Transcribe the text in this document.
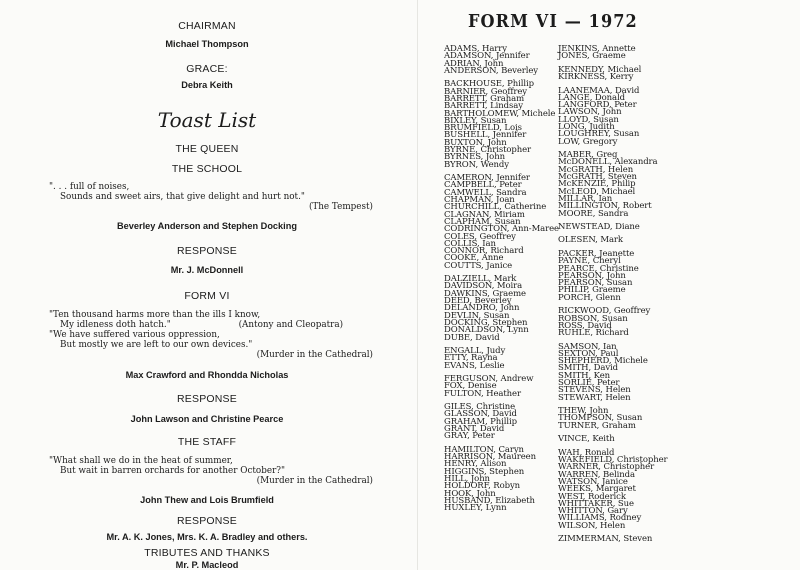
CHAIRMAN
Michael Thompson
GRACE:
Debra Keith
Toast List
THE QUEEN
THE SCHOOL
". . . full of noises,
Sounds and sweet airs, that give delight and hurt not."
(The Tempest)
Beverley Anderson and Stephen Docking
RESPONSE
Mr. J. McDonnell
FORM VI
"Ten thousand harms more than the ills I know,
My idleness doth hatch."	(Antony and Cleopatra)
"We have suffered various oppression,
But mostly we are left to our own devices."
(Murder in the Cathedral)
Max Crawford and Rhondda Nicholas
RESPONSE
John Lawson and Christine Pearce
THE STAFF
"What shall we do in the heat of summer,
But wait in barren orchards for another October?"
(Murder in the Cathedral)
John Thew and Lois Brumfield
RESPONSE
Mr. A. K. Jones, Mrs. K. A. Bradley and others.
TRIBUTES AND THANKS
Mr. P. Macleod
FORM VI — 1972
ADAMS, Harry
ADAMSON, Jennifer
ADRIAN, John
ANDERSON, Beverley
BACKHOUSE, Phillip
BARNIER, Geoffrey
BARRETT, Graham
BARRETT, Lindsay
BARTHOLOMEW, Michele
BIXLEY, Susan
BRUMFIELD, Lois
BUSHELL, Jennifer
BUXTON, John
BYRNE, Christopher
BYRNES, John
BYRON, Wendy
CAMERON, Jennifer
CAMPBELL, Peter
CAMWELL, Sandra
CHAPMAN, Joan
CHURCHILL, Catherine
CLAGNAN, Miriam
CLAPHAM, Susan
CODRINGTON, Ann-Maree
COLES, Geoffrey
COLLIS, Ian
CONNOR, Richard
COOKE, Anne
COUTTS, Janice
DALZIELL, Mark
DAVIDSON, Moira
DAWKINS, Graeme
DEED, Beverley
DELANDRO, John
DEVLIN, Susan
DOCKING, Stephen
DONALDSON, Lynn
DUBE, David
ENGALL, Judy
ETTY, Rayna
EVANS, Leslie
FERGUSON, Andrew
FOX, Denise
FULTON, Heather
GILES, Christine
GLASSON, David
GRAHAM, Phillip
GRANT, David
GRAY, Peter
HAMILTON, Caryn
HARRISON, Maureen
HENRY, Alison
HIGGINS, Stephen
HILL, John
HOLDORF, Robyn
HOOK, John
HUSBAND, Elizabeth
HUXLEY, Lynn
JENKINS, Annette
JONES, Graeme
KENNEDY, Michael
KIRKNESS, Kerry
LAANEMAA, David
LANGE, Donald
LANGFORD, Peter
LAWSON, John
LLOYD, Susan
LONG, Judith
LOUGHREY, Susan
LOW, Gregory
MABER, Greg
McDONELL, Alexandra
McGRATH, Helen
McGRATH, Steven
McKENZIE, Philip
McLEOD, Michael
MILLAR, Ian
MILLINGTON, Robert
MOORE, Sandra
NEWSTEAD, Diane
OLESEN, Mark
PACKER, Jeanette
PAYNE, Cheryl
PEARCE, Christine
PEARSON, John
PEARSON, Susan
PHILIP, Graeme
PORCH, Glenn
RICKWOOD, Geoffrey
ROBSON, Susan
ROSS, David
RUHLE, Richard
SAMSON, Ian
SEXTON, Paul
SHEPHERD, Michele
SMITH, David
SMITH, Ken
SORLIE, Peter
STEVENS, Helen
STEWART, Helen
THEW, John
THOMPSON, Susan
TURNER, Graham
VINCE, Keith
WAH, Ronald
WAKEFIELD, Christopher
WARNER, Christopher
WARREN, Belinda
WATSON, Janice
WEEKS, Margaret
WEST, Roderick
WHITTAKER, Sue
WHITTON, Gary
WILLIAMS, Rodney
WILSON, Helen
ZIMMERMAN, Steven
